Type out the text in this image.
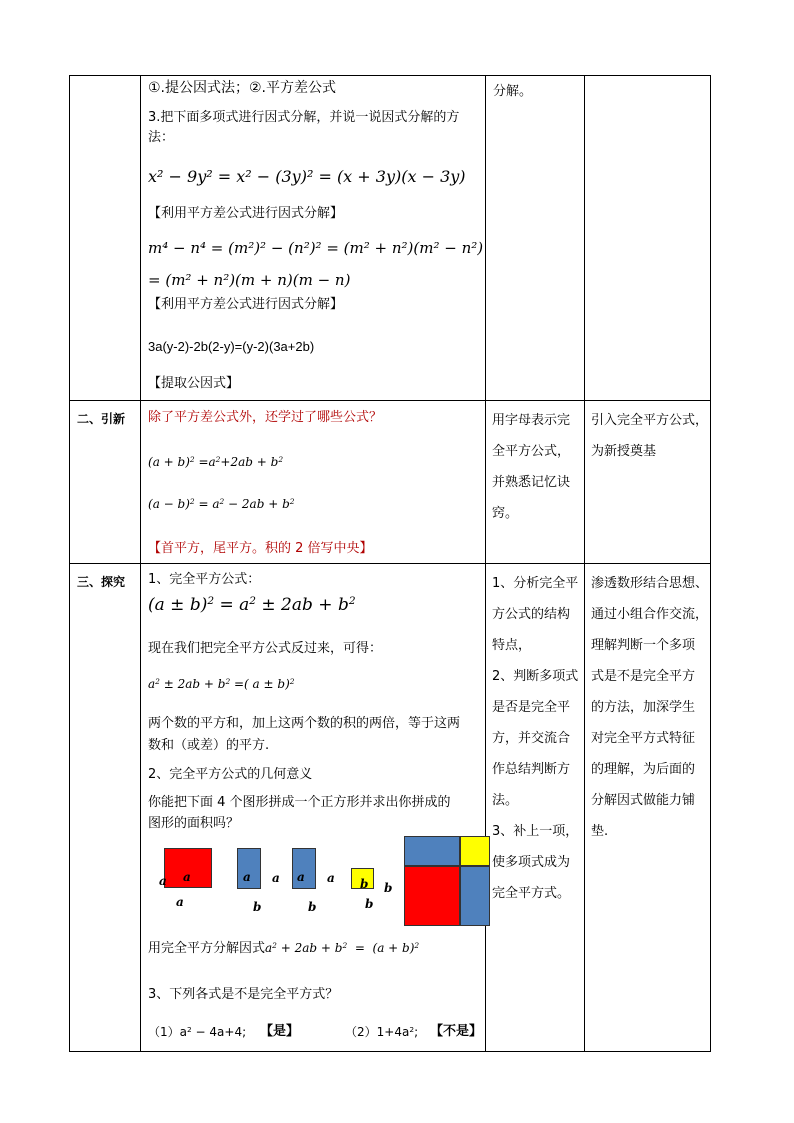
①.提公因式法；②.平方差公式
3.把下面多项式进行因式分解，并说一说因式分解的方
法：
x² − 9y² = x² − (3y)² = (x + 3y)(x − 3y)
【利用平方差公式进行因式分解】
m⁴ − n⁴ = (m²)² − (n²)² = (m² + n²)(m² − n²)
= (m² + n²)(m + n)(m − n)
【利用平方差公式进行因式分解】
3a(y-2)-2b(2-y)=(y-2)(3a+2b)
【提取公因式】
分解。
二、引新 除了平方差公式外，还学过了哪些公式？
$(a + b)^2 =a^2+2ab + b^2$
$(a - b)^2 = a^2 - 2ab + b^2$
【首平方，尾平方。积的 2 倍写中央】
用字母表示完
全平方公式，
并熟悉记忆诀
窍。
引入完全平方公式，
为新授奠基
三、探究 1、完全平方公式：
$(a \pm b)^2 = a^2 \pm 2ab + b^2$
现在我们把完全平方公式反过来，可得：
$a^2 \pm 2ab + b^2$ =( a ± b)$^2$
两个数的平方和，加上这两个数的积的两倍，等于这两
数和（或差）的平方.
2、完全平方公式的几何意义
你能把下面 4 个图形拼成一个正方形并求出你拼成的
图形的面积吗？
a a
a
a a
b
a a
b
b b
b
用完全平方分解因式$a^2 + 2ab + b^2 = (a + b)^2$
3、下列各式是不是完全平方式？
$(1)a^2 - 4a+4$; 【是】	$(2)1+4a^2$; 【不是】
1、分析完全平
方公式的结构
特点，
2、判断多项式
是否是完全平
方，并交流合
作总结判断方
法。
3、补上一项，
使多项式成为
完全平方式。
渗透数形结合思想、
通过小组合作交流，
理解判断一个多项
式是不是完全平方
的方法，加深学生
对完全平方式特征
的理解，为后面的
分解因式做能力铺
垫.
